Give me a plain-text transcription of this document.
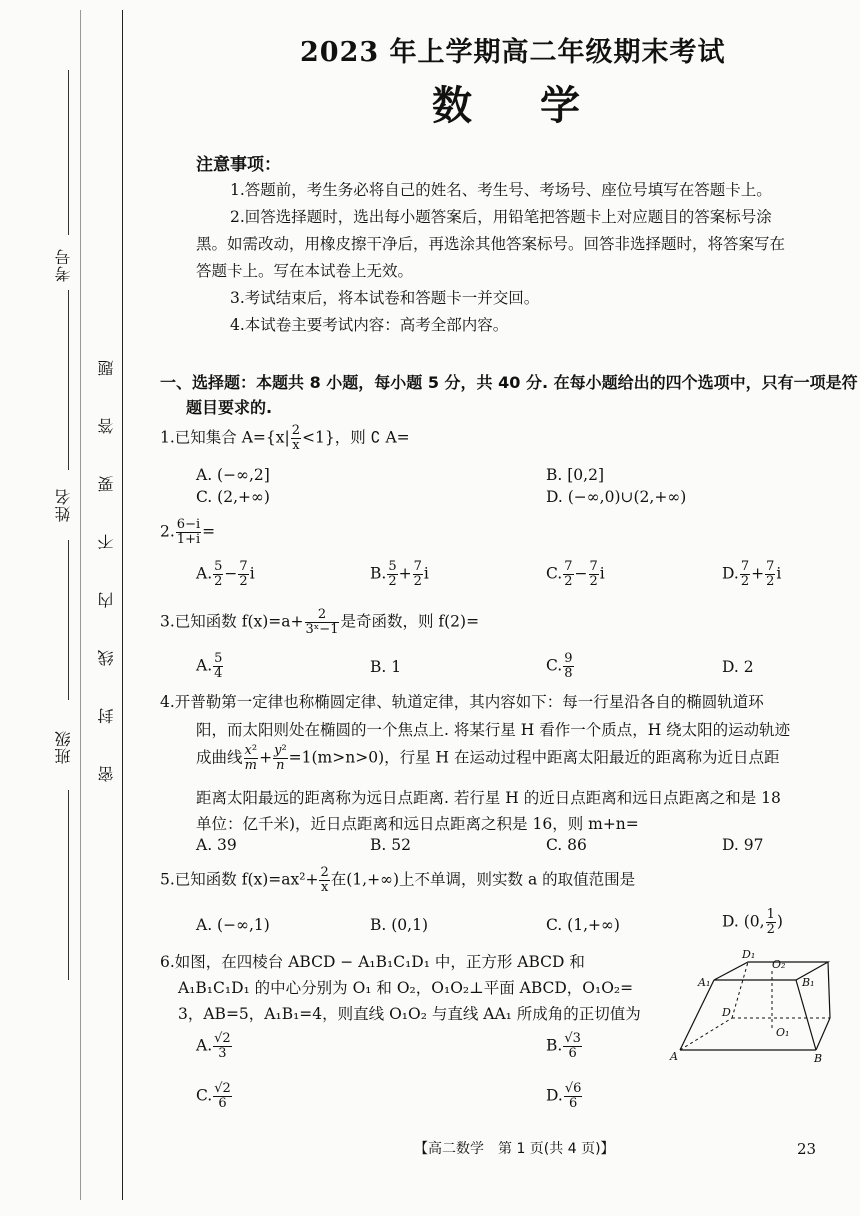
考号
姓名
班级
题
答
要
不
内
线
封
密
2023 年上学期高二年级期末考试
数学
注意事项：
1.答题前，考生务必将自己的姓名、考生号、考场号、座位号填写在答题卡上。
2.回答选择题时，选出每小题答案后，用铅笔把答题卡上对应题目的答案标号涂
黑。如需改动，用橡皮擦干净后，再选涂其他答案标号。回答非选择题时，将答案写在
答题卡上。写在本试卷上无效。
3.考试结束后，将本试卷和答题卡一并交回。
4.本试卷主要考试内容：高考全部内容。
一、选择题：本题共 8 小题，每小题 5 分，共 40 分. 在每小题给出的四个选项中，只有一项是符
题目要求的.
1.已知集合 $A=\{x| \frac{2}{x} <1\}$，则 ∁ A=
A. (−∞,2]	B. [0,2]
C. (2,+∞)	D. (−∞,0)∪(2,+∞)
2. $\frac{6-i}{1+i}$ =
A. $\frac{5}{2} - \frac{7}{2}$ i	B. $\frac{5}{2} + \frac{7}{2}$ i	C. $\frac{7}{2} - \frac{7}{2}$ i	D. $\frac{7}{2} + \frac{7}{2}$ i
3.已知函数 $f(x)=a+ \frac{2}{\text{3ˣ−1}}$ 是奇函数，则 f(2)=
A. $\frac{5}{4}$	B. 1	C. $\frac{9}{8}$	D. 2
4.开普勒第一定律也称椭圆定律、轨道定律，其内容如下：每一行星沿各自的椭圆轨道环
阳，而太阳则处在椭圆的一个焦点上. 将某行星 H 看作一个质点，H 绕太阳的运动轨迹
成曲线 $\frac{\text{x²}}{m} + \frac{\text{y²}}{n} =1(m>n>0)$，行星 H 在运动过程中距离太阳最近的距离称为近日点距
距离太阳最远的距离称为远日点距离. 若行星 H 的近日点距离和远日点距离之和是 18
单位：亿千米)，近日点距离和远日点距离之积是 16，则 m+n=
A. 39	B. 52	C. 86	D. 97
5.已知函数 $f(x)=ax^2+ \frac{2}{x}$ 在(1,+∞)上不单调，则实数 a 的取值范围是
A. (−∞,1)	B. (0,1)	C. (1,+∞)	D. (0, $\frac{1}{2}$ )
6.如图，在四棱台 ABCD − A₁B₁C₁D₁ 中，正方形 ABCD 和
A₁B₁C₁D₁ 的中心分别为 O₁ 和 O₂，O₁O₂⊥平面 ABCD，O₁O₂=
3，AB=5，A₁B₁=4，则直线 O₁O₂ 与直线 AA₁ 所成角的正切值为
A. $\frac{√2}{3}$	B. $\frac{√3}{6}$
C. $\frac{√2}{6}$	D. $\frac{√6}{6}$
D₁
O₂
A₁	B₁
D
O₁
A	B
【高二数学　第 1 页(共 4 页)】	23
